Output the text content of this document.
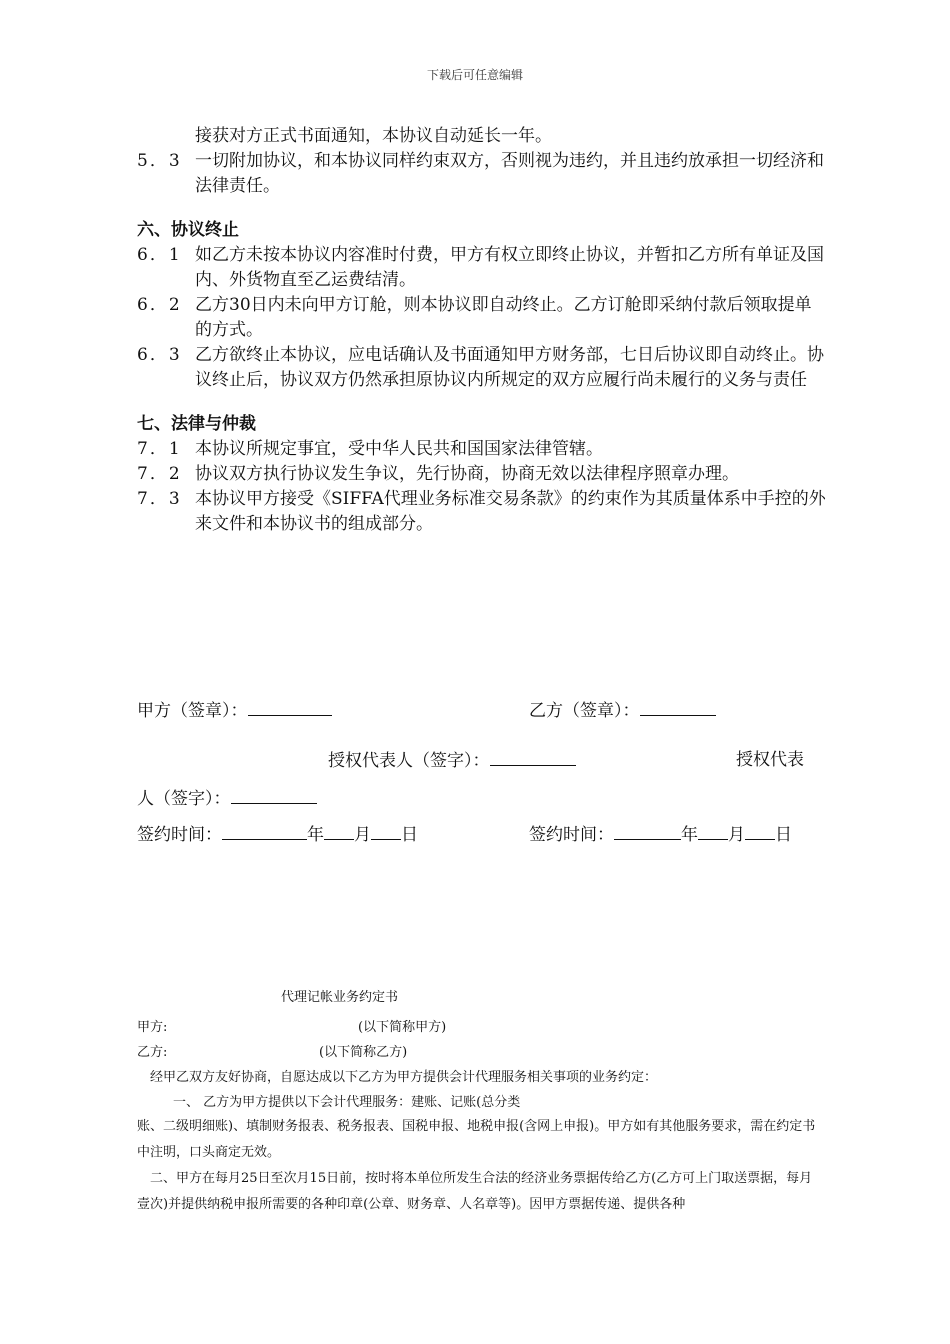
下载后可任意编辑
接获对方正式书面通知，本协议自动延长一年。
5．3 一切附加协议，和本协议同样约束双方，否则视为违约，并且违约放承担一切经济和法律责任。
六、协议终止
6．1 如乙方未按本协议内容准时付费，甲方有权立即终止协议，并暂扣乙方所有单证及国内、外货物直至乙运费结清。
6．2 乙方30日内未向甲方订舱，则本协议即自动终止。乙方订舱即采纳付款后领取提单的方式。
6．3 乙方欲终止本协议，应电话确认及书面通知甲方财务部，七日后协议即自动终止。协议终止后，协议双方仍然承担原协议内所规定的双方应履行尚未履行的义务与责任
七、法律与仲裁
7．1 本协议所规定事宜，受中华人民共和国国家法律管辖。
7．2 协议双方执行协议发生争议，先行协商，协商无效以法律程序照章办理。
7．3 本协议甲方接受《SIFFA代理业务标准交易条款》的约束作为其质量体系中手控的外来文件和本协议书的组成部分。
甲方（签章）：	乙方（签章）：
授权代表人（签字）：	授权代表
人（签字）：
签约时间：	年 月 日	签约时间：	年 月 日
代理记帐业务约定书
甲方:	(以下简称甲方)
乙方:	(以下简称乙方)
经甲乙双方友好协商，自愿达成以下乙方为甲方提供会计代理服务相关事项的业务约定：
一、 乙方为甲方提供以下会计代理服务：建账、记账(总分类
账、二级明细账)、填制财务报表、税务报表、国税申报、地税申报(含网上申报)。甲方如有其他服务要求，需在约定书中注明，口头商定无效。
二、甲方在每月25日至次月15日前，按时将本单位所发生合法的经济业务票据传给乙方(乙方可上门取送票据，每月壹次)并提供纳税申报所需要的各种印章(公章、财务章、人名章等)。因甲方票据传递、提供各种
